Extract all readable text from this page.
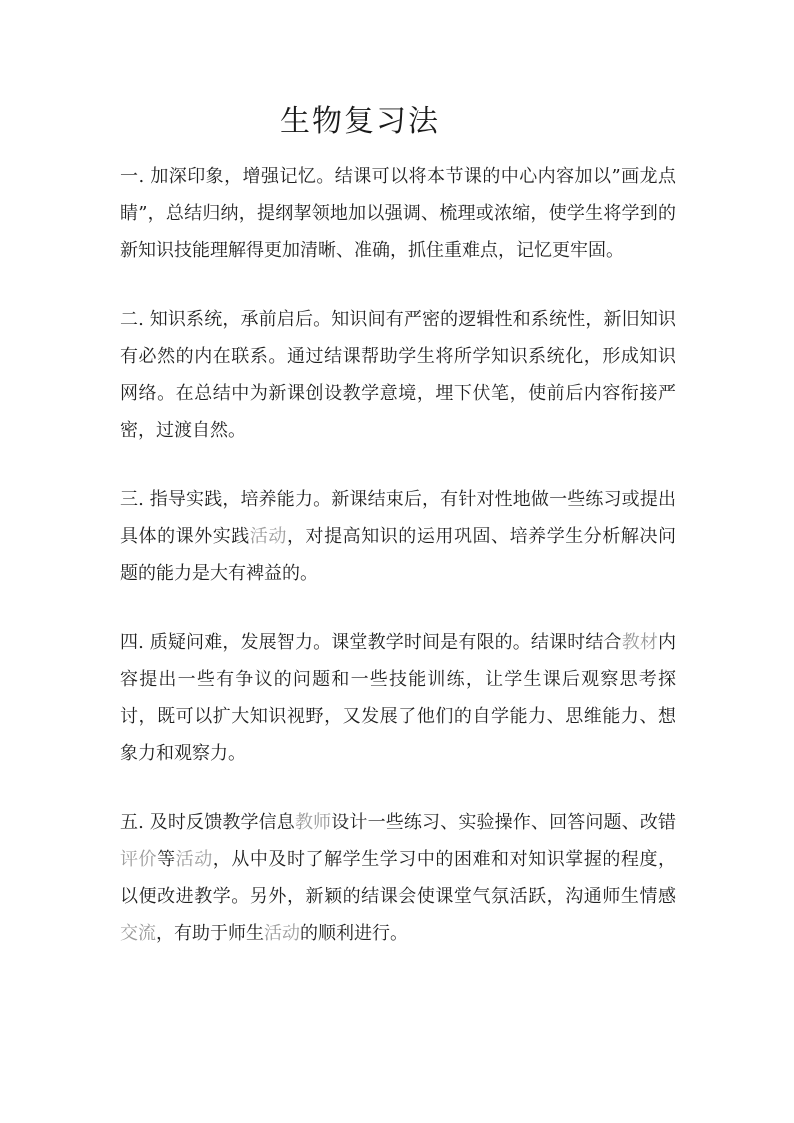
生物复习法

一. 加深印象，增强记忆。结课可以将本节课的中心内容加以”画龙点睛”，总结归纳，提纲挈领地加以强调、梳理或浓缩，使学生将学到的新知识技能理解得更加清晰、准确，抓住重难点，记忆更牢固。

二. 知识系统，承前启后。知识间有严密的逻辑性和系统性，新旧知识有必然的内在联系。通过结课帮助学生将所学知识系统化，形成知识网络。在总结中为新课创设教学意境，埋下伏笔，使前后内容衔接严密，过渡自然。

三. 指导实践，培养能力。新课结束后，有针对性地做一些练习或提出具体的课外实践活动，对提高知识的运用巩固、培养学生分析解决问题的能力是大有裨益的。

四. 质疑问难，发展智力。课堂教学时间是有限的。结课时结合教材内容提出一些有争议的问题和一些技能训练，让学生课后观察思考探讨，既可以扩大知识视野，又发展了他们的自学能力、思维能力、想象力和观察力。

五. 及时反馈教学信息教师设计一些练习、实验操作、回答问题、改错评价等活动，从中及时了解学生学习中的困难和对知识掌握的程度，以便改进教学。另外，新颖的结课会使课堂气氛活跃，沟通师生情感交流，有助于师生活动的顺利进行。
